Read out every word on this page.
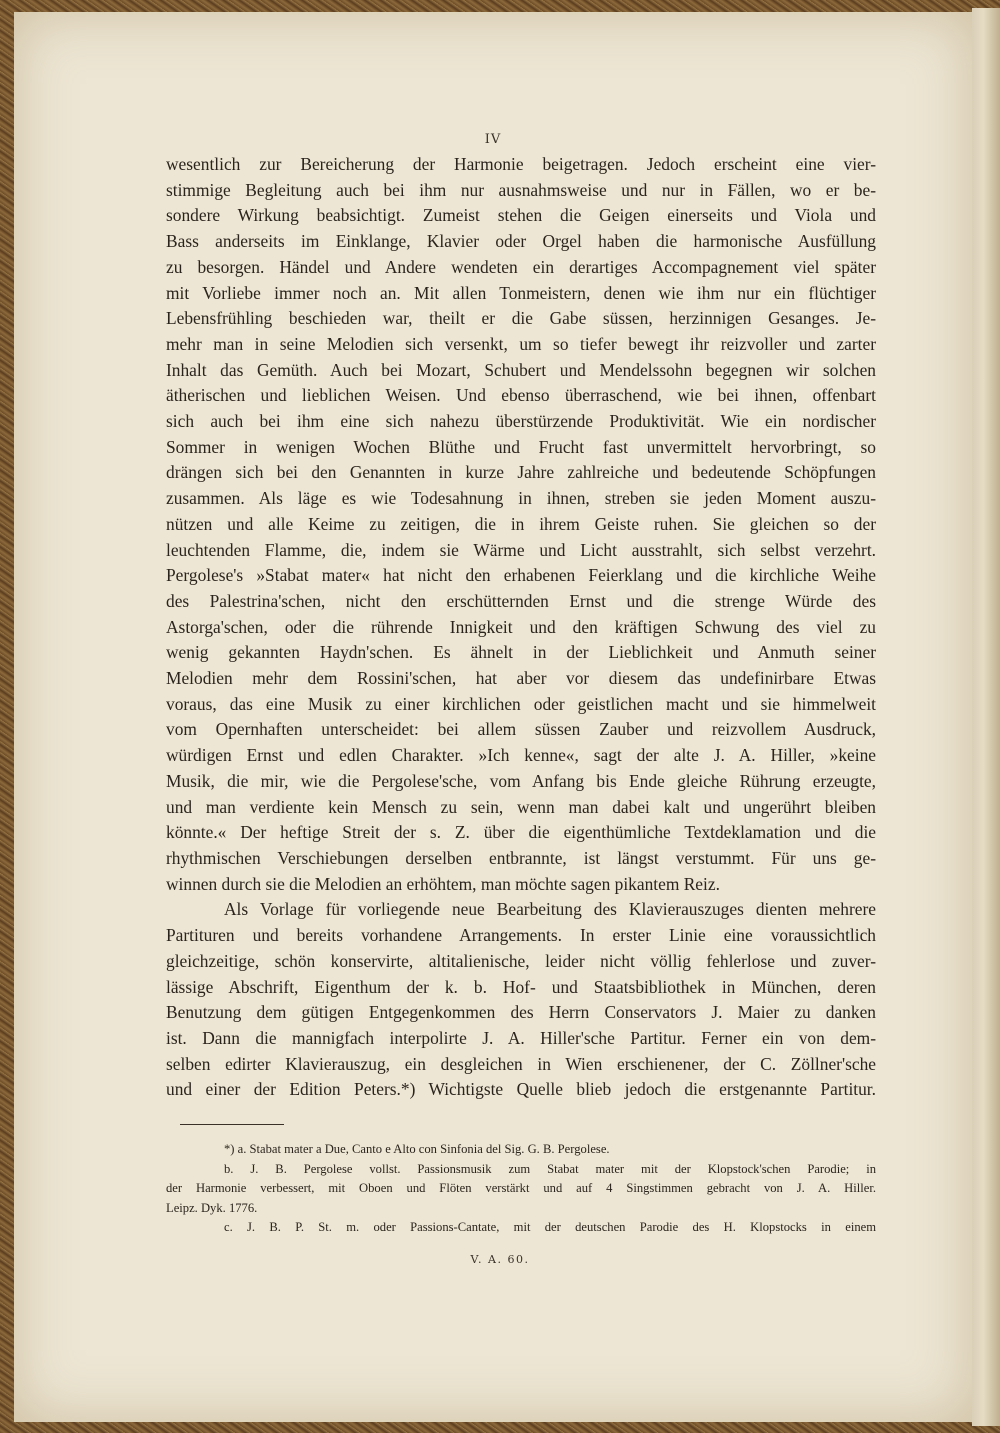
IV
wesentlich zur Bereicherung der Harmonie beigetragen. Jedoch erscheint eine vier-
stimmige Begleitung auch bei ihm nur ausnahmsweise und nur in Fällen, wo er be-
sondere Wirkung beabsichtigt. Zumeist stehen die Geigen einerseits und Viola und
Bass anderseits im Einklange, Klavier oder Orgel haben die harmonische Ausfüllung
zu besorgen. Händel und Andere wendeten ein derartiges Accompagnement viel später
mit Vorliebe immer noch an. Mit allen Tonmeistern, denen wie ihm nur ein flüchtiger
Lebensfrühling beschieden war, theilt er die Gabe süssen, herzinnigen Gesanges. Je-
mehr man in seine Melodien sich versenkt, um so tiefer bewegt ihr reizvoller und zarter
Inhalt das Gemüth. Auch bei Mozart, Schubert und Mendelssohn begegnen wir solchen
ätherischen und lieblichen Weisen. Und ebenso überraschend, wie bei ihnen, offenbart
sich auch bei ihm eine sich nahezu überstürzende Produktivität. Wie ein nordischer
Sommer in wenigen Wochen Blüthe und Frucht fast unvermittelt hervorbringt, so
drängen sich bei den Genannten in kurze Jahre zahlreiche und bedeutende Schöpfungen
zusammen. Als läge es wie Todesahnung in ihnen, streben sie jeden Moment auszu-
nützen und alle Keime zu zeitigen, die in ihrem Geiste ruhen. Sie gleichen so der
leuchtenden Flamme, die, indem sie Wärme und Licht ausstrahlt, sich selbst verzehrt.
Pergolese's »Stabat mater« hat nicht den erhabenen Feierklang und die kirchliche Weihe
des Palestrina'schen, nicht den erschütternden Ernst und die strenge Würde des
Astorga'schen, oder die rührende Innigkeit und den kräftigen Schwung des viel zu
wenig gekannten Haydn'schen. Es ähnelt in der Lieblichkeit und Anmuth seiner
Melodien mehr dem Rossini'schen, hat aber vor diesem das undefinirbare Etwas
voraus, das eine Musik zu einer kirchlichen oder geistlichen macht und sie himmelweit
vom Opernhaften unterscheidet: bei allem süssen Zauber und reizvollem Ausdruck,
würdigen Ernst und edlen Charakter. »Ich kenne«, sagt der alte J. A. Hiller, »keine
Musik, die mir, wie die Pergolese'sche, vom Anfang bis Ende gleiche Rührung erzeugte,
und man verdiente kein Mensch zu sein, wenn man dabei kalt und ungerührt bleiben
könnte.« Der heftige Streit der s. Z. über die eigenthümliche Textdeklamation und die
rhythmischen Verschiebungen derselben entbrannte, ist längst verstummt. Für uns ge-
winnen durch sie die Melodien an erhöhtem, man möchte sagen pikantem Reiz.
Als Vorlage für vorliegende neue Bearbeitung des Klavierauszuges dienten mehrere
Partituren und bereits vorhandene Arrangements. In erster Linie eine voraussichtlich
gleichzeitige, schön konservirte, altitalienische, leider nicht völlig fehlerlose und zuver-
lässige Abschrift, Eigenthum der k. b. Hof- und Staatsbibliothek in München, deren
Benutzung dem gütigen Entgegenkommen des Herrn Conservators J. Maier zu danken
ist. Dann die mannigfach interpolirte J. A. Hiller'sche Partitur. Ferner ein von dem-
selben edirter Klavierauszug, ein desgleichen in Wien erschienener, der C. Zöllner'sche
und einer der Edition Peters.*) Wichtigste Quelle blieb jedoch die erstgenannte Partitur.
*) a. Stabat mater a Due, Canto e Alto con Sinfonia del Sig. G. B. Pergolese.
b. J. B. Pergolese vollst. Passionsmusik zum Stabat mater mit der Klopstock'schen Parodie; in
der Harmonie verbessert, mit Oboen und Flöten verstärkt und auf 4 Singstimmen gebracht von J. A. Hiller.
Leipz. Dyk. 1776.
c. J. B. P. St. m. oder Passions-Cantate, mit der deutschen Parodie des H. Klopstocks in einem
V. A. 60.
